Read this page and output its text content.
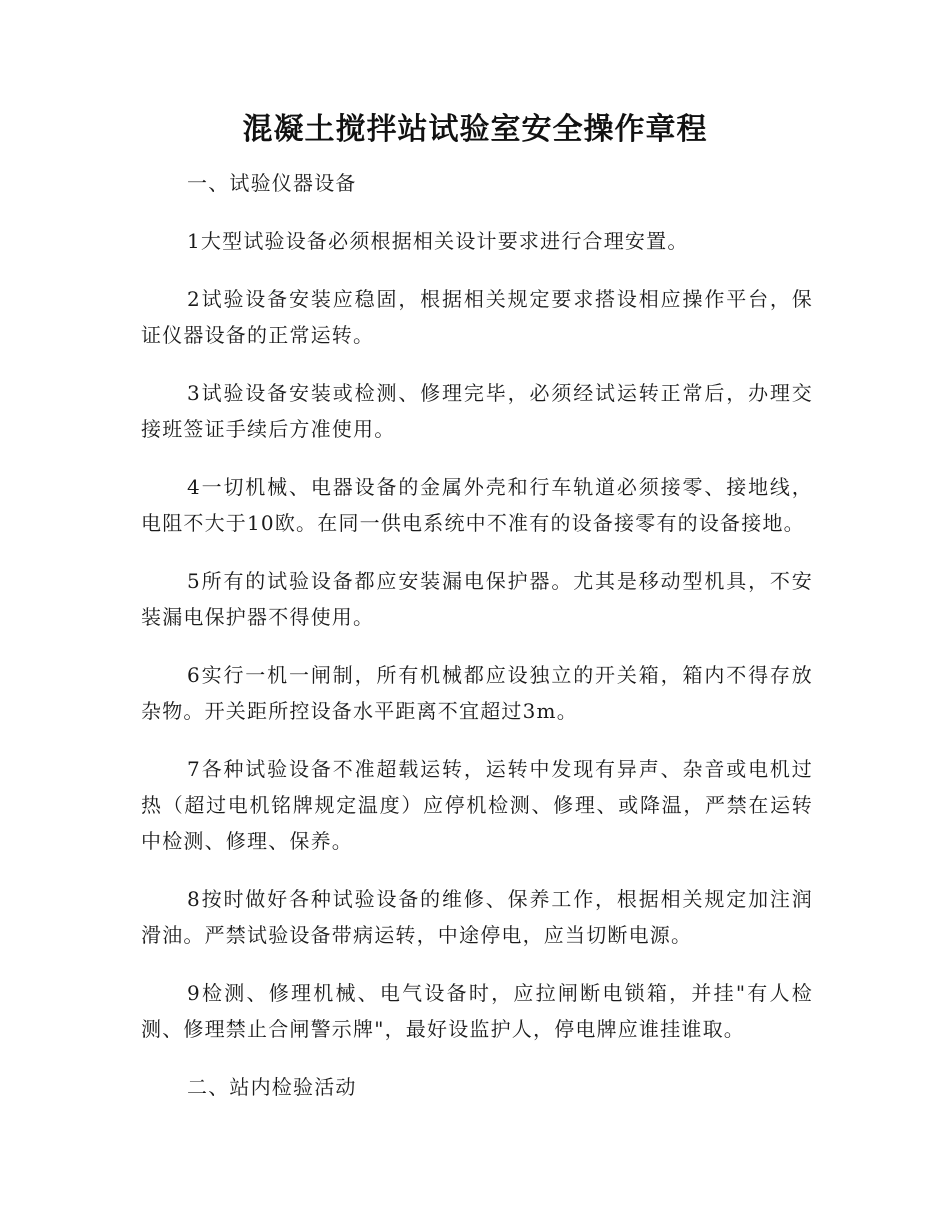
混凝土搅拌站试验室安全操作章程

一、试验仪器设备

1大型试验设备必须根据相关设计要求进行合理安置。

2试验设备安装应稳固，根据相关规定要求搭设相应操作平台，保证仪器设备的正常运转。

3试验设备安装或检测、修理完毕，必须经试运转正常后，办理交接班签证手续后方准使用。

4一切机械、电器设备的金属外壳和行车轨道必须接零、接地线，电阻不大于10欧。在同一供电系统中不准有的设备接零有的设备接地。

5所有的试验设备都应安装漏电保护器。尤其是移动型机具，不安装漏电保护器不得使用。

6实行一机一闸制，所有机械都应设独立的开关箱，箱内不得存放杂物。开关距所控设备水平距离不宜超过3m。

7各种试验设备不准超载运转，运转中发现有异声、杂音或电机过热（超过电机铭牌规定温度）应停机检测、修理、或降温，严禁在运转中检测、修理、保养。

8按时做好各种试验设备的维修、保养工作，根据相关规定加注润滑油。严禁试验设备带病运转，中途停电，应当切断电源。

9检测、修理机械、电气设备时，应拉闸断电锁箱，并挂"有人检测、修理禁止合闸警示牌"，最好设监护人，停电牌应谁挂谁取。

二、站内检验活动
